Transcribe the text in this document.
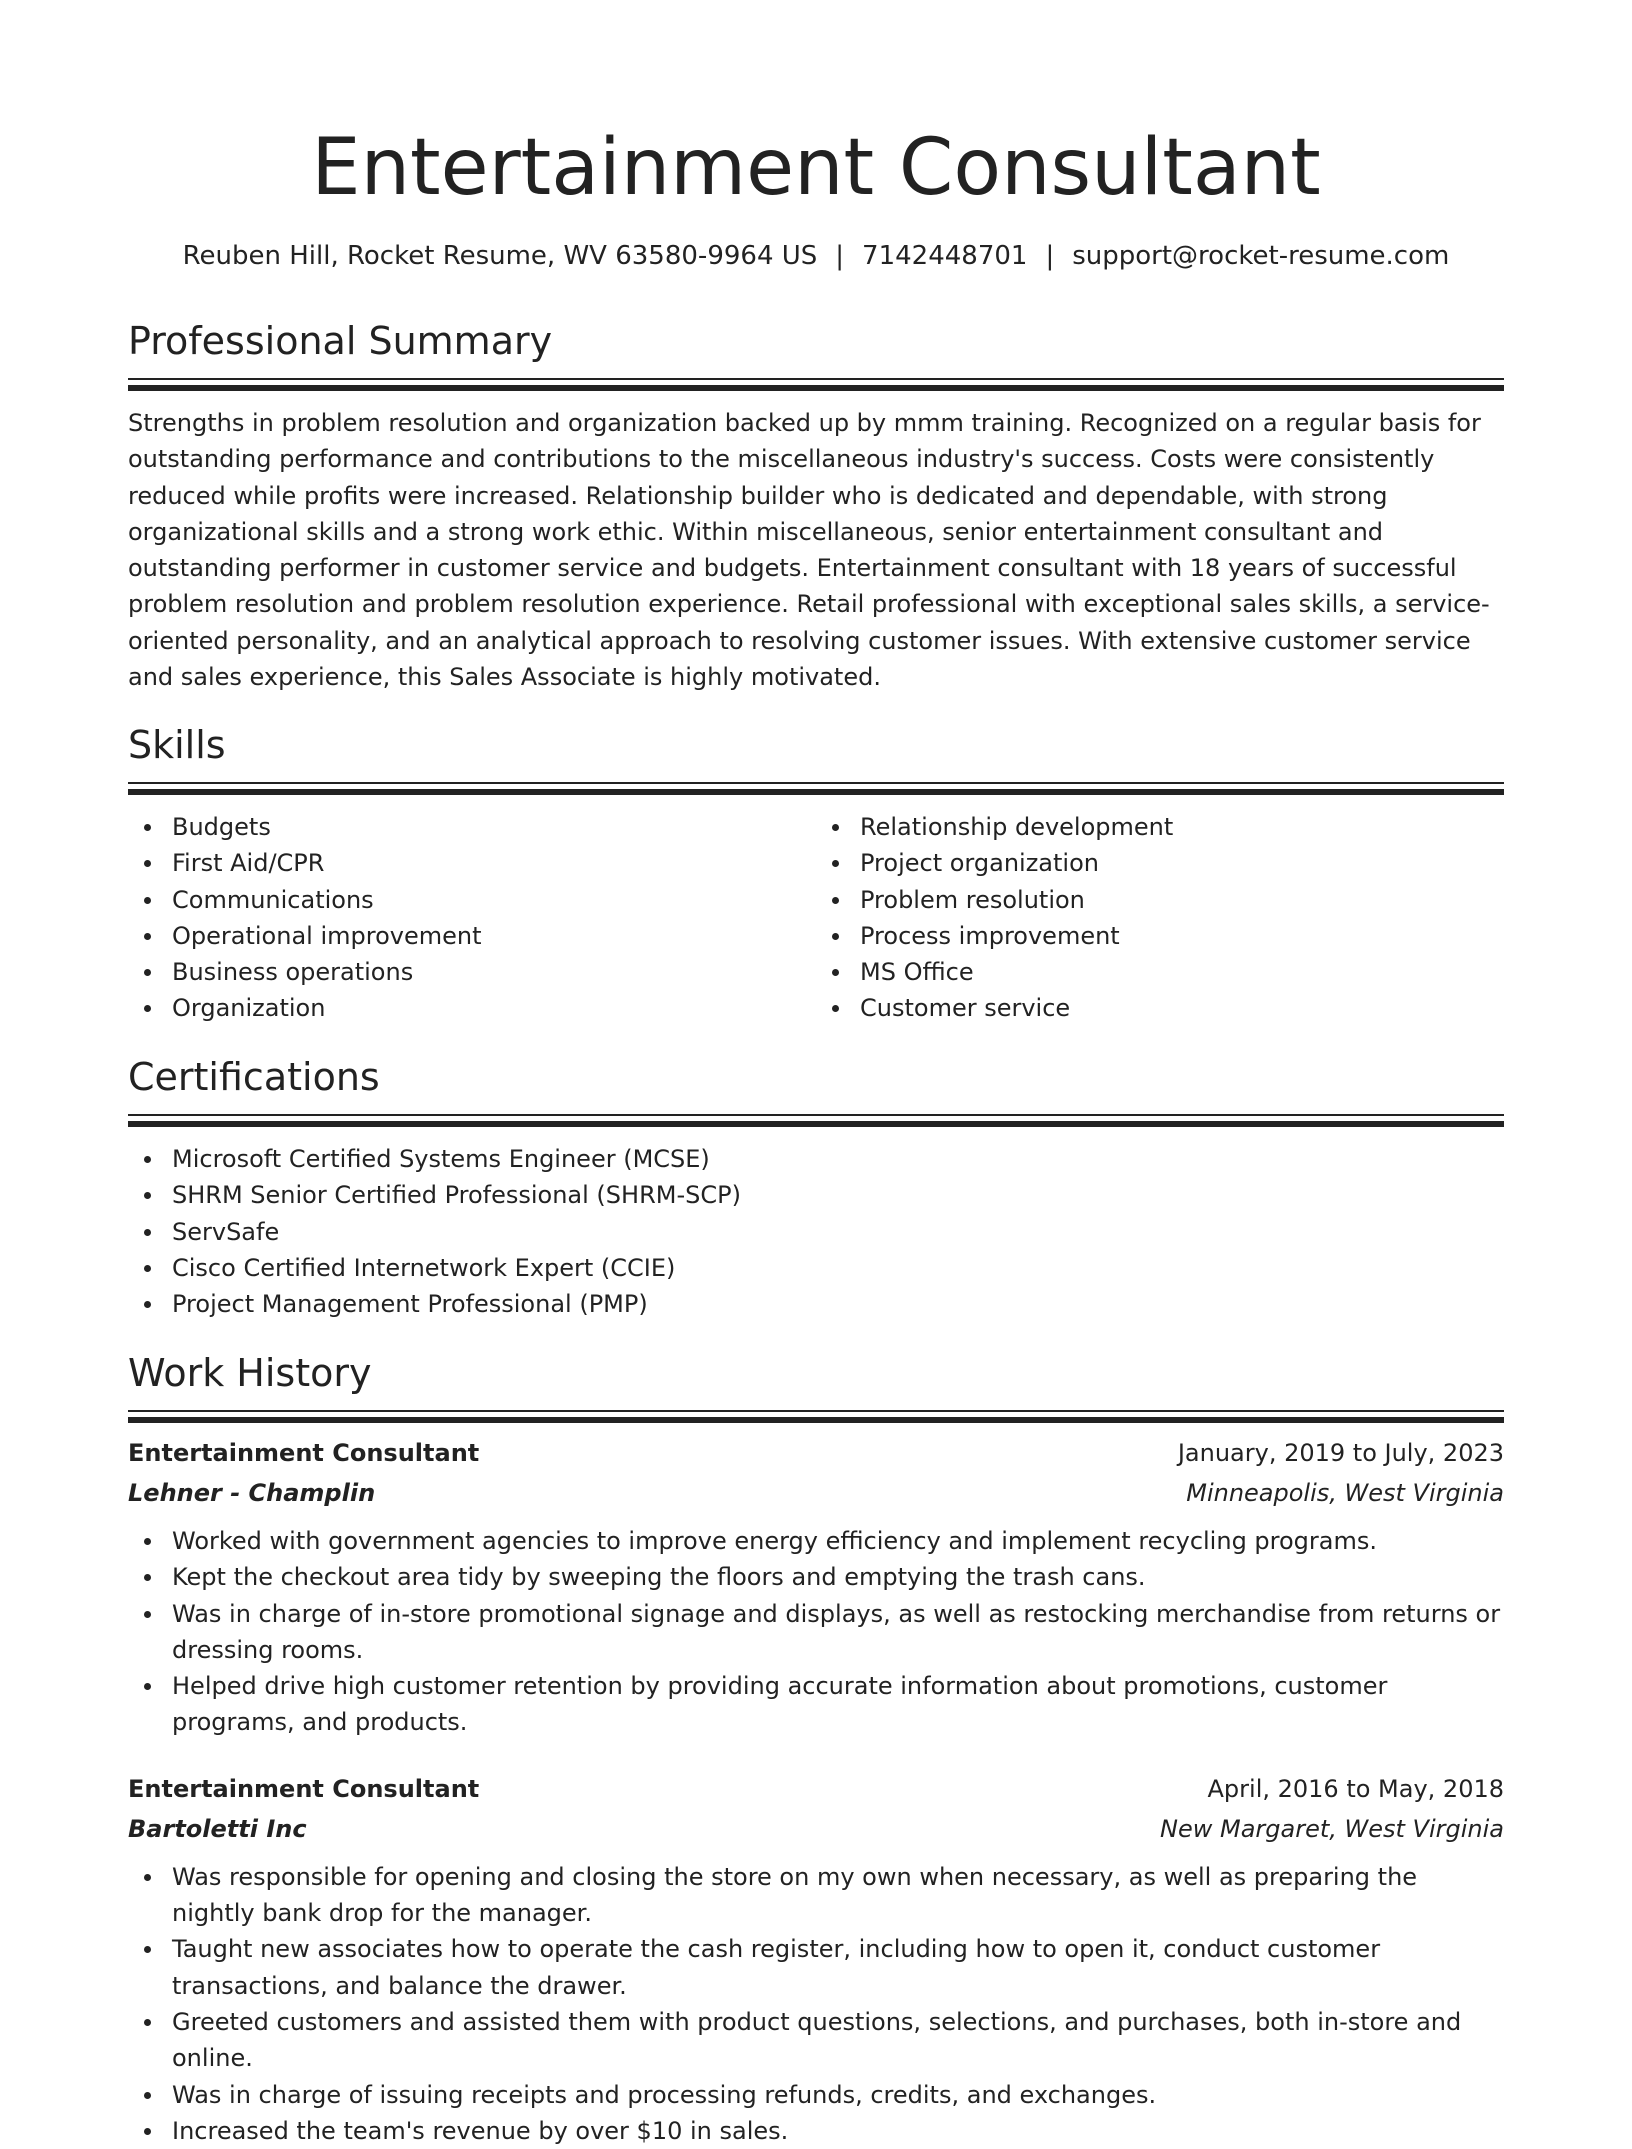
Entertainment Consultant
Reuben Hill, Rocket Resume, WV 63580-9964 US | 7142448701 | support@rocket-resume.com
Professional Summary

Strengths in problem resolution and organization backed up by mmm training. Recognized on a regular basis for outstanding performance and contributions to the miscellaneous industry's success. Costs were consistently reduced while profits were increased. Relationship builder who is dedicated and dependable, with strong organizational skills and a strong work ethic. Within miscellaneous, senior entertainment consultant and outstanding performer in customer service and budgets. Entertainment consultant with 18 years of successful problem resolution and problem resolution experience. Retail professional with exceptional sales skills, a service-oriented personality, and an analytical approach to resolving customer issues. With extensive customer service and sales experience, this Sales Associate is highly motivated.

Skills
Budgets
First Aid/CPR
Communications
Operational improvement
Business operations
Organization
Relationship development
Project organization
Problem resolution
Process improvement
MS Office
Customer service
Certifications
Microsoft Certified Systems Engineer (MCSE)
SHRM Senior Certified Professional (SHRM-SCP)
ServSafe
Cisco Certified Internetwork Expert (CCIE)
Project Management Professional (PMP)
Work History
Entertainment Consultant	January, 2019 to July, 2023
Lehner - Champlin	Minneapolis, West Virginia
Worked with government agencies to improve energy efficiency and implement recycling programs.
Kept the checkout area tidy by sweeping the floors and emptying the trash cans.
Was in charge of in-store promotional signage and displays, as well as restocking merchandise from returns or dressing rooms.
Helped drive high customer retention by providing accurate information about promotions, customer programs, and products.
Entertainment Consultant	April, 2016 to May, 2018
Bartoletti Inc	New Margaret, West Virginia
Was responsible for opening and closing the store on my own when necessary, as well as preparing the nightly bank drop for the manager.
Taught new associates how to operate the cash register, including how to open it, conduct customer transactions, and balance the drawer.
Greeted customers and assisted them with product questions, selections, and purchases, both in-store and online.
Was in charge of issuing receipts and processing refunds, credits, and exchanges.
Increased the team's revenue by over $10 in sales.
